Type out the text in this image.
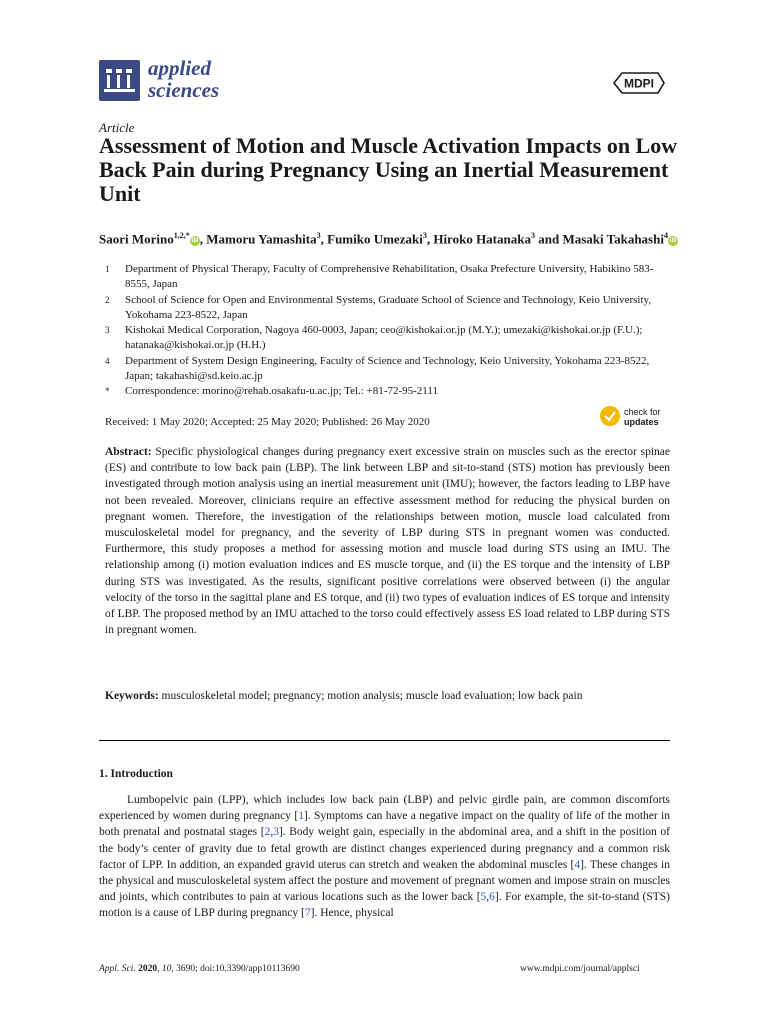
applied
sciences	MDPI
Article
Assessment of Motion and Muscle Activation Impacts on Low Back Pain during Pregnancy Using an Inertial Measurement Unit
Saori Morino$^{1,2,*}$iD, Mamoru Yamashita$^3$, Fumiko Umezaki$^3$, Hiroko Hatanaka$^3$ and Masaki Takahashi$^4$iD
1	Department of Physical Therapy, Faculty of Comprehensive Rehabilitation, Osaka Prefecture University, Habikino 583-8555, Japan
2	School of Science for Open and Environmental Systems, Graduate School of Science and Technology, Keio University, Yokohama 223-8522, Japan
3	Kishokai Medical Corporation, Nagoya 460-0003, Japan; ceo@kishokai.or.jp (M.Y.); umezaki@kishokai.or.jp (F.U.); hatanaka@kishokai.or.jp (H.H.)
4	Department of System Design Engineering, Faculty of Science and Technology, Keio University, Yokohama 223-8522, Japan; takahashi@sd.keio.ac.jp
*	Correspondence: morino@rehab.osakafu-u.ac.jp; Tel.: +81-72-95-2111
Received: 1 May 2020; Accepted: 25 May 2020; Published: 26 May 2020
check for
updates
Abstract: Specific physiological changes during pregnancy exert excessive strain on muscles such as the erector spinae (ES) and contribute to low back pain (LBP). The link between LBP and sit-to-stand (STS) motion has previously been investigated through motion analysis using an inertial measurement unit (IMU); however, the factors leading to LBP have not been revealed. Moreover, clinicians require an effective assessment method for reducing the physical burden on pregnant women. Therefore, the investigation of the relationships between motion, muscle load calculated from musculoskeletal model for pregnancy, and the severity of LBP during STS in pregnant women was conducted. Furthermore, this study proposes a method for assessing motion and muscle load during STS using an IMU. The relationship among (i) motion evaluation indices and ES muscle torque, and (ii) the ES torque and the intensity of LBP during STS was investigated. As the results, significant positive correlations were observed between (i) the angular velocity of the torso in the sagittal plane and ES torque, and (ii) two types of evaluation indices of ES torque and intensity of LBP. The proposed method by an IMU attached to the torso could effectively assess ES load related to LBP during STS in pregnant women.
Keywords: musculoskeletal model; pregnancy; motion analysis; muscle load evaluation; low back pain
1. Introduction
Lumbopelvic pain (LPP), which includes low back pain (LBP) and pelvic girdle pain, are common discomforts experienced by women during pregnancy [1]. Symptoms can have a negative impact on the quality of life of the mother in both prenatal and postnatal stages [2,3]. Body weight gain, especially in the abdominal area, and a shift in the position of the body’s center of gravity due to fetal growth are distinct changes experienced during pregnancy and a common risk factor of LPP. In addition, an expanded gravid uterus can stretch and weaken the abdominal muscles [4]. These changes in the physical and musculoskeletal system affect the posture and movement of pregnant women and impose strain on muscles and joints, which contributes to pain at various locations such as the lower back [5,6]. For example, the sit-to-stand (STS) motion is a cause of LBP during pregnancy [7]. Hence, physical
Appl. Sci. 2020, 10, 3690; doi:10.3390/app10113690	www.mdpi.com/journal/applsci
